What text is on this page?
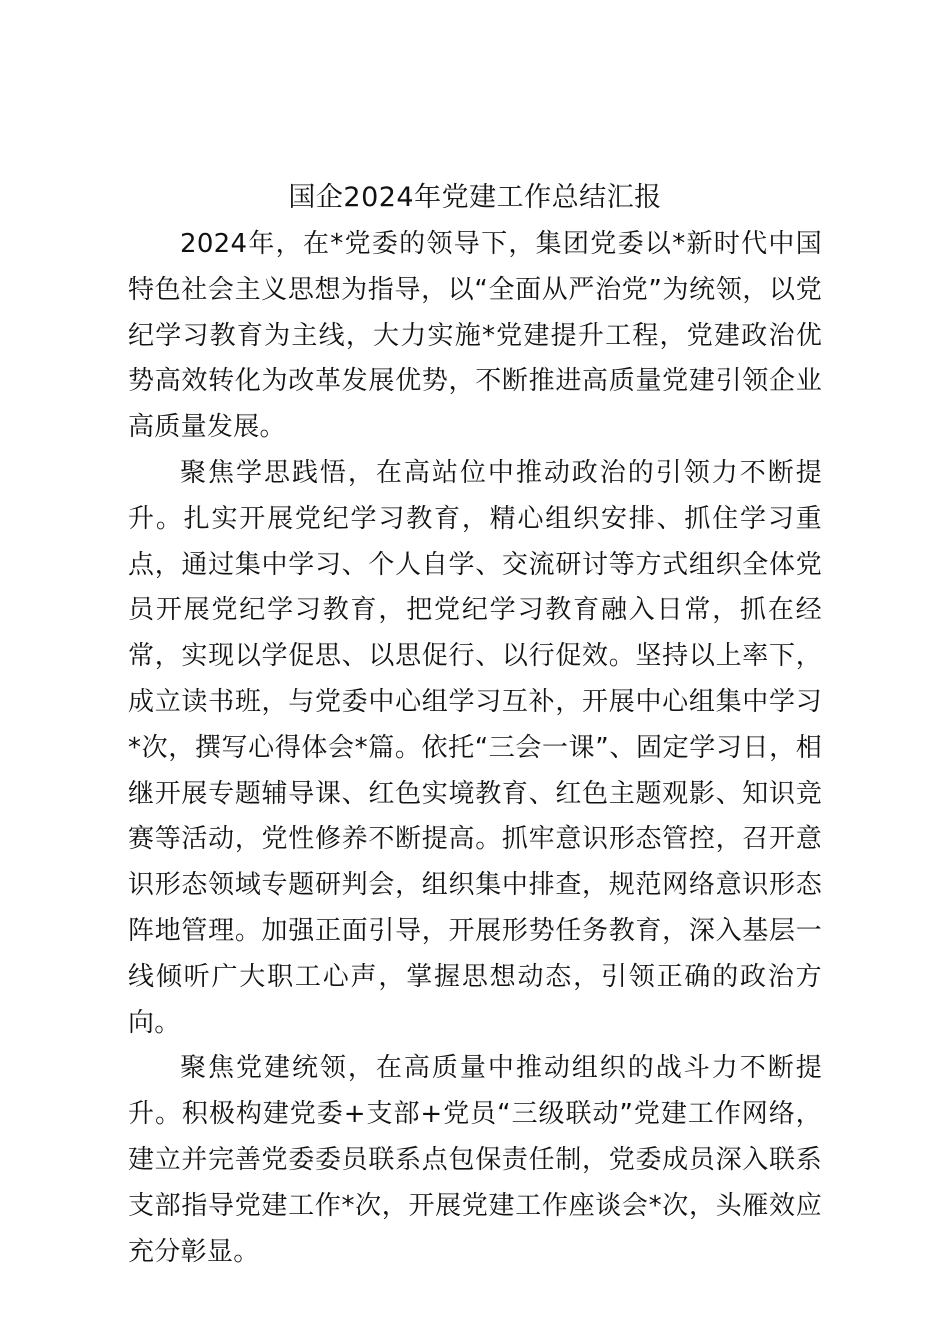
国企2024年党建工作总结汇报

2024年，在*党委的领导下，集团党委以*新时代中国特色社会主义思想为指导，以“全面从严治党”为统领，以党纪学习教育为主线，大力实施*党建提升工程，党建政治优势高效转化为改革发展优势，不断推进高质量党建引领企业高质量发展。

聚焦学思践悟，在高站位中推动政治的引领力不断提升。扎实开展党纪学习教育，精心组织安排、抓住学习重点，通过集中学习、个人自学、交流研讨等方式组织全体党员开展党纪学习教育，把党纪学习教育融入日常，抓在经常，实现以学促思、以思促行、以行促效。坚持以上率下，成立读书班，与党委中心组学习互补，开展中心组集中学习*次，撰写心得体会*篇。依托“三会一课”、固定学习日，相继开展专题辅导课、红色实境教育、红色主题观影、知识竞赛等活动，党性修养不断提高。抓牢意识形态管控，召开意识形态领域专题研判会，组织集中排查，规范网络意识形态阵地管理。加强正面引导，开展形势任务教育，深入基层一线倾听广大职工心声，掌握思想动态，引领正确的政治方向。

聚焦党建统领，在高质量中推动组织的战斗力不断提升。积极构建党委+支部+党员“三级联动”党建工作网络，建立并完善党委委员联系点包保责任制，党委成员深入联系支部指导党建工作*次，开展党建工作座谈会*次，头雁效应充分彰显。
